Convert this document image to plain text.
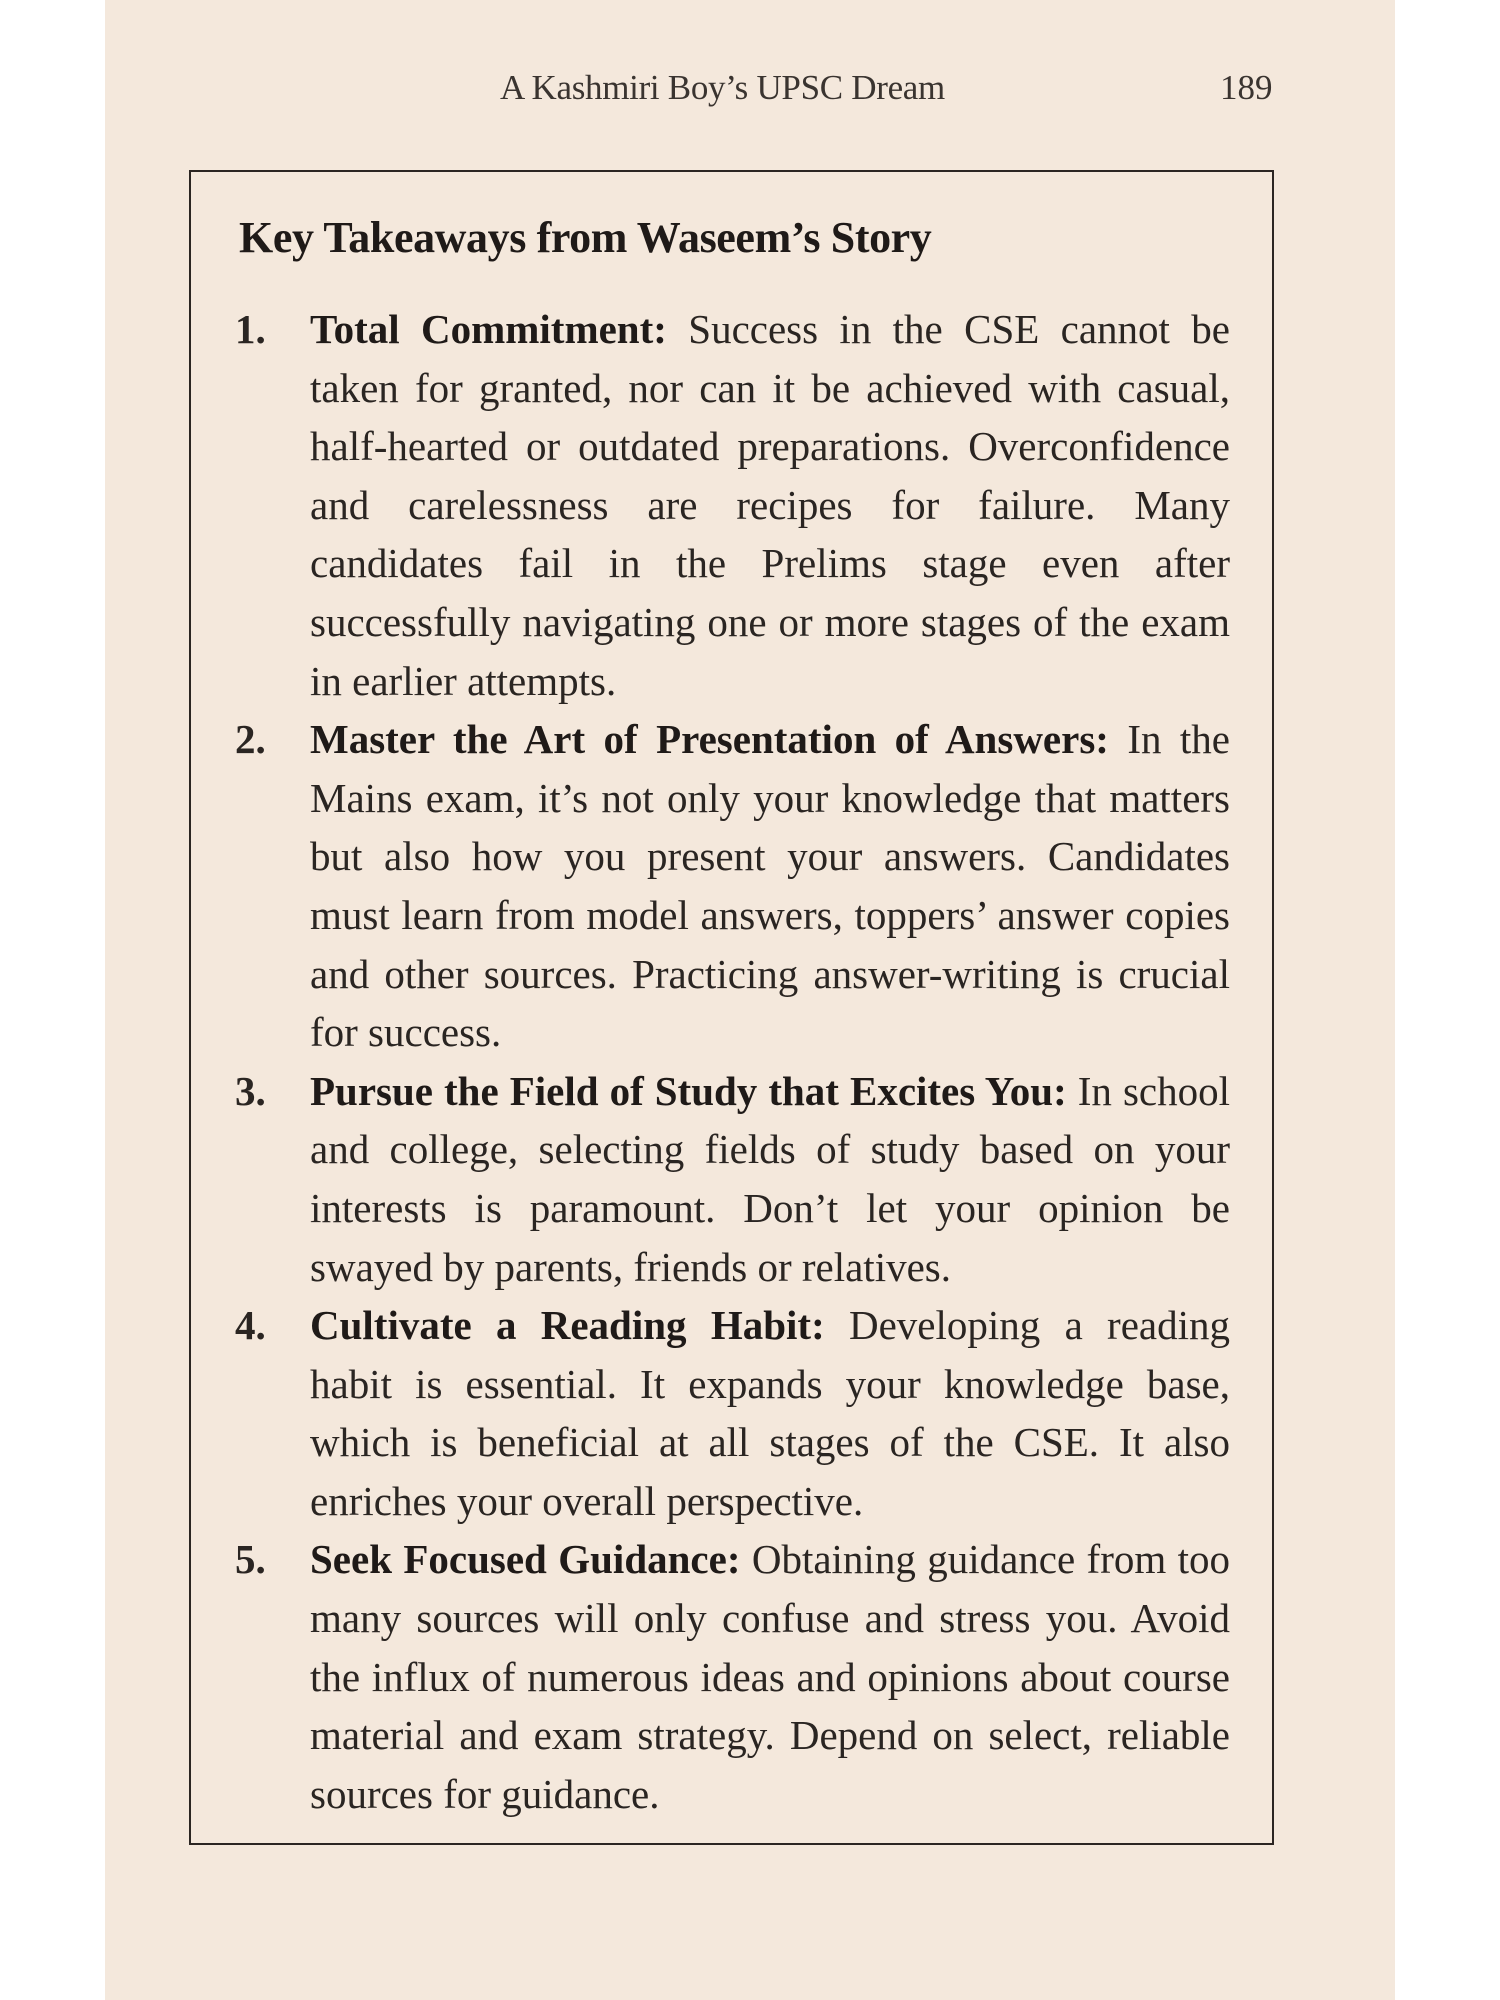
A Kashmiri Boy’s UPSC Dream	189
Key Takeaways from Waseem’s Story
1. Total Commitment: Success in the CSE cannot be taken for granted, nor can it be achieved with casual, half-hearted or outdated preparations. Overconfidence and carelessness are recipes for failure. Many candidates fail in the Prelims stage even after successfully navigating one or more stages of the exam in earlier attempts.
2. Master the Art of Presentation of Answers: In the Mains exam, it’s not only your knowledge that matters but also how you present your answers. Candidates must learn from model answers, toppers’ answer copies and other sources. Practicing answer-writing is crucial for success.
3. Pursue the Field of Study that Excites You: In school and college, selecting fields of study based on your interests is paramount. Don’t let your opinion be swayed by parents, friends or relatives.
4. Cultivate a Reading Habit: Developing a reading habit is essential. It expands your knowledge base, which is beneficial at all stages of the CSE. It also enriches your overall perspective.
5. Seek Focused Guidance: Obtaining guidance from too many sources will only confuse and stress you. Avoid the influx of numerous ideas and opinions about course material and exam strategy. Depend on select, reliable sources for guidance.
